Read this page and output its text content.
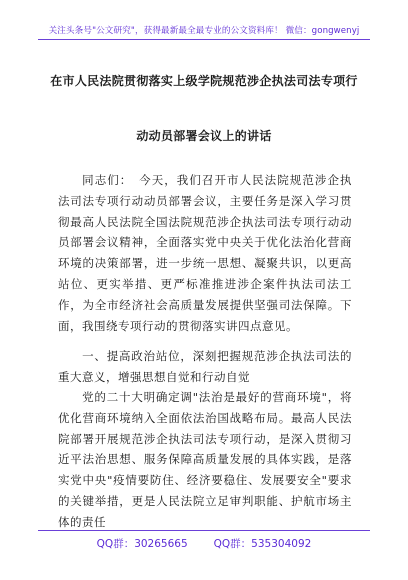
关注头条号"公文研究"，获得最新最全最专业的公文资料库！ 微信：gongwenyj
在市人民法院贯彻落实上级学院规范涉企执法司法专项行
动动员部署会议上的讲话
同志们：　今天，我们召开市人民法院规范涉企执法司法专项行动动员部署会议，主要任务是深入学习贯彻最高人民法院全国法院规范涉企执法司法专项行动动员部署会议精神，全面落实党中央关于优化法治化营商环境的决策部署，进一步统一思想、凝聚共识，以更高站位、更实举措、更严标准推进涉企案件执法司法工作，为全市经济社会高质量发展提供坚强司法保障。下面，我围绕专项行动的贯彻落实讲四点意见。
一、提高政治站位，深刻把握规范涉企执法司法的重大意义，增强思想自觉和行动自觉
党的二十大明确定调"法治是最好的营商环境"，将优化营商环境纳入全面依法治国战略布局。最高人民法院部署开展规范涉企执法司法专项行动，是深入贯彻习近平法治思想、服务保障高质量发展的具体实践，是落实党中央"疫情要防住、经济要稳住、发展要安全"要求的关键举措，更是人民法院立足审判职能、护航市场主体的责任
QQ群：30265665 QQ群：535304092
